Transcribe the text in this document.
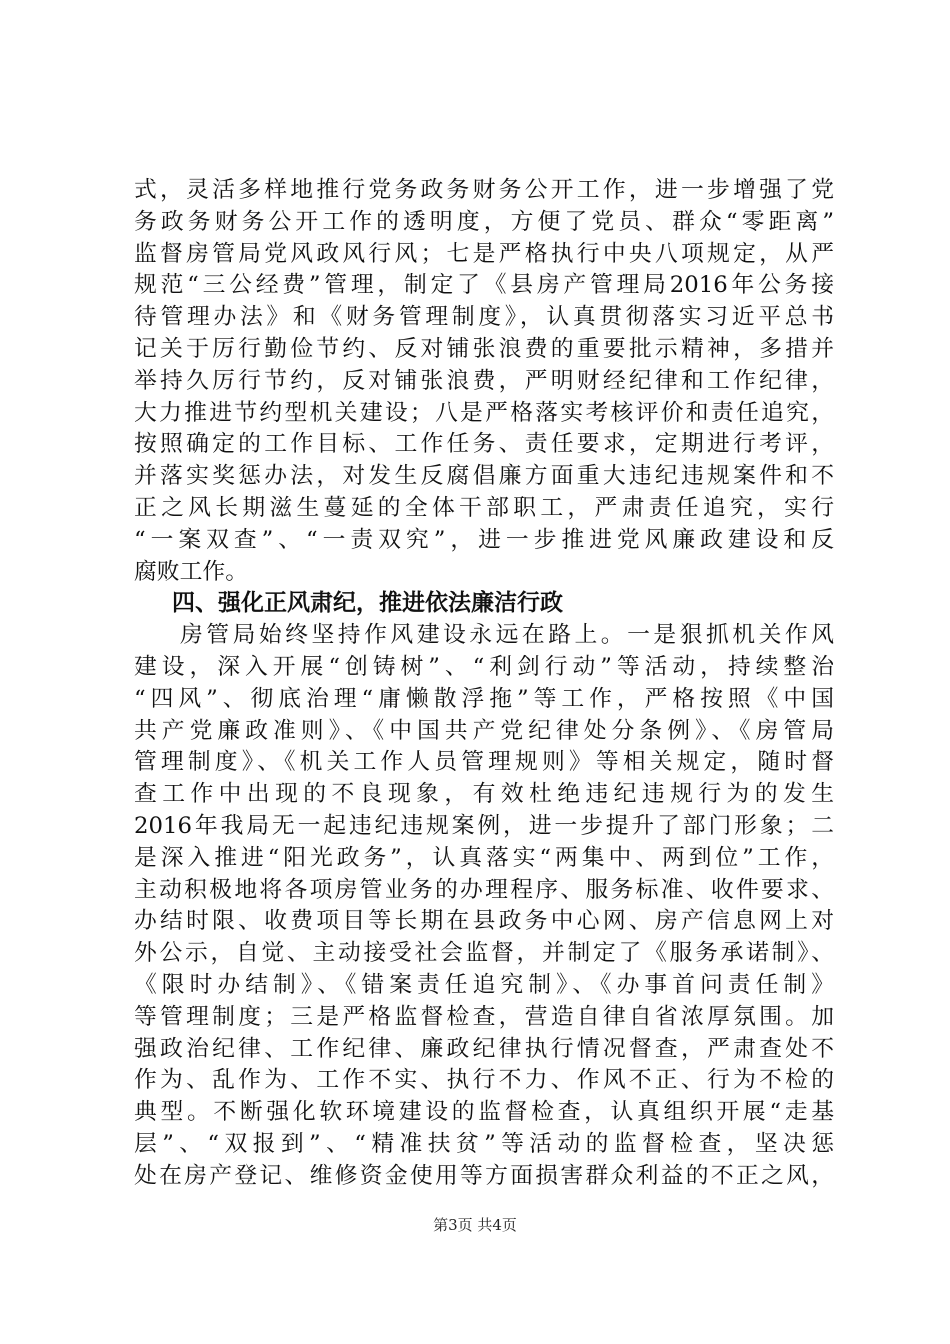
式，灵活多样地推行党务政务财务公开工作，进一步增强了党
务政务财务公开工作的透明度，方便了党员、群众“零距离”
监督房管局党风政风行风；七是严格执行中央八项规定，从严
规范“三公经费”管理，制定了《县房产管理局2016年公务接
待管理办法》和《财务管理制度》，认真贯彻落实习近平总书
记关于厉行勤俭节约、反对铺张浪费的重要批示精神，多措并
举持久厉行节约，反对铺张浪费，严明财经纪律和工作纪律，
大力推进节约型机关建设；八是严格落实考核评价和责任追究，
按照确定的工作目标、工作任务、责任要求，定期进行考评，
并落实奖惩办法，对发生反腐倡廉方面重大违纪违规案件和不
正之风长期滋生蔓延的全体干部职工，严肃责任追究，实行
“一案双查”、“一责双究”，进一步推进党风廉政建设和反
腐败工作。
四、强化正风肃纪，推进依法廉洁行政
房管局始终坚持作风建设永远在路上。一是狠抓机关作风
建设，深入开展“创铸树”、“利剑行动”等活动，持续整治
“四风”、彻底治理“庸懒散浮拖”等工作，严格按照《中国
共产党廉政准则》、《中国共产党纪律处分条例》、《房管局
管理制度》、《机关工作人员管理规则》等相关规定，随时督
查工作中出现的不良现象，有效杜绝违纪违规行为的发生
2016年我局无一起违纪违规案例，进一步提升了部门形象；二
是深入推进“阳光政务”，认真落实“两集中、两到位”工作，
主动积极地将各项房管业务的办理程序、服务标准、收件要求、
办结时限、收费项目等长期在县政务中心网、房产信息网上对
外公示，自觉、主动接受社会监督，并制定了《服务承诺制》、
《限时办结制》、《错案责任追究制》、《办事首问责任制》
等管理制度；三是严格监督检查，营造自律自省浓厚氛围。加
强政治纪律、工作纪律、廉政纪律执行情况督查，严肃查处不
作为、乱作为、工作不实、执行不力、作风不正、行为不检的
典型。不断强化软环境建设的监督检查，认真组织开展“走基
层”、“双报到”、“精准扶贫”等活动的监督检查，坚决惩
处在房产登记、维修资金使用等方面损害群众利益的不正之风，
第3页 共4页
